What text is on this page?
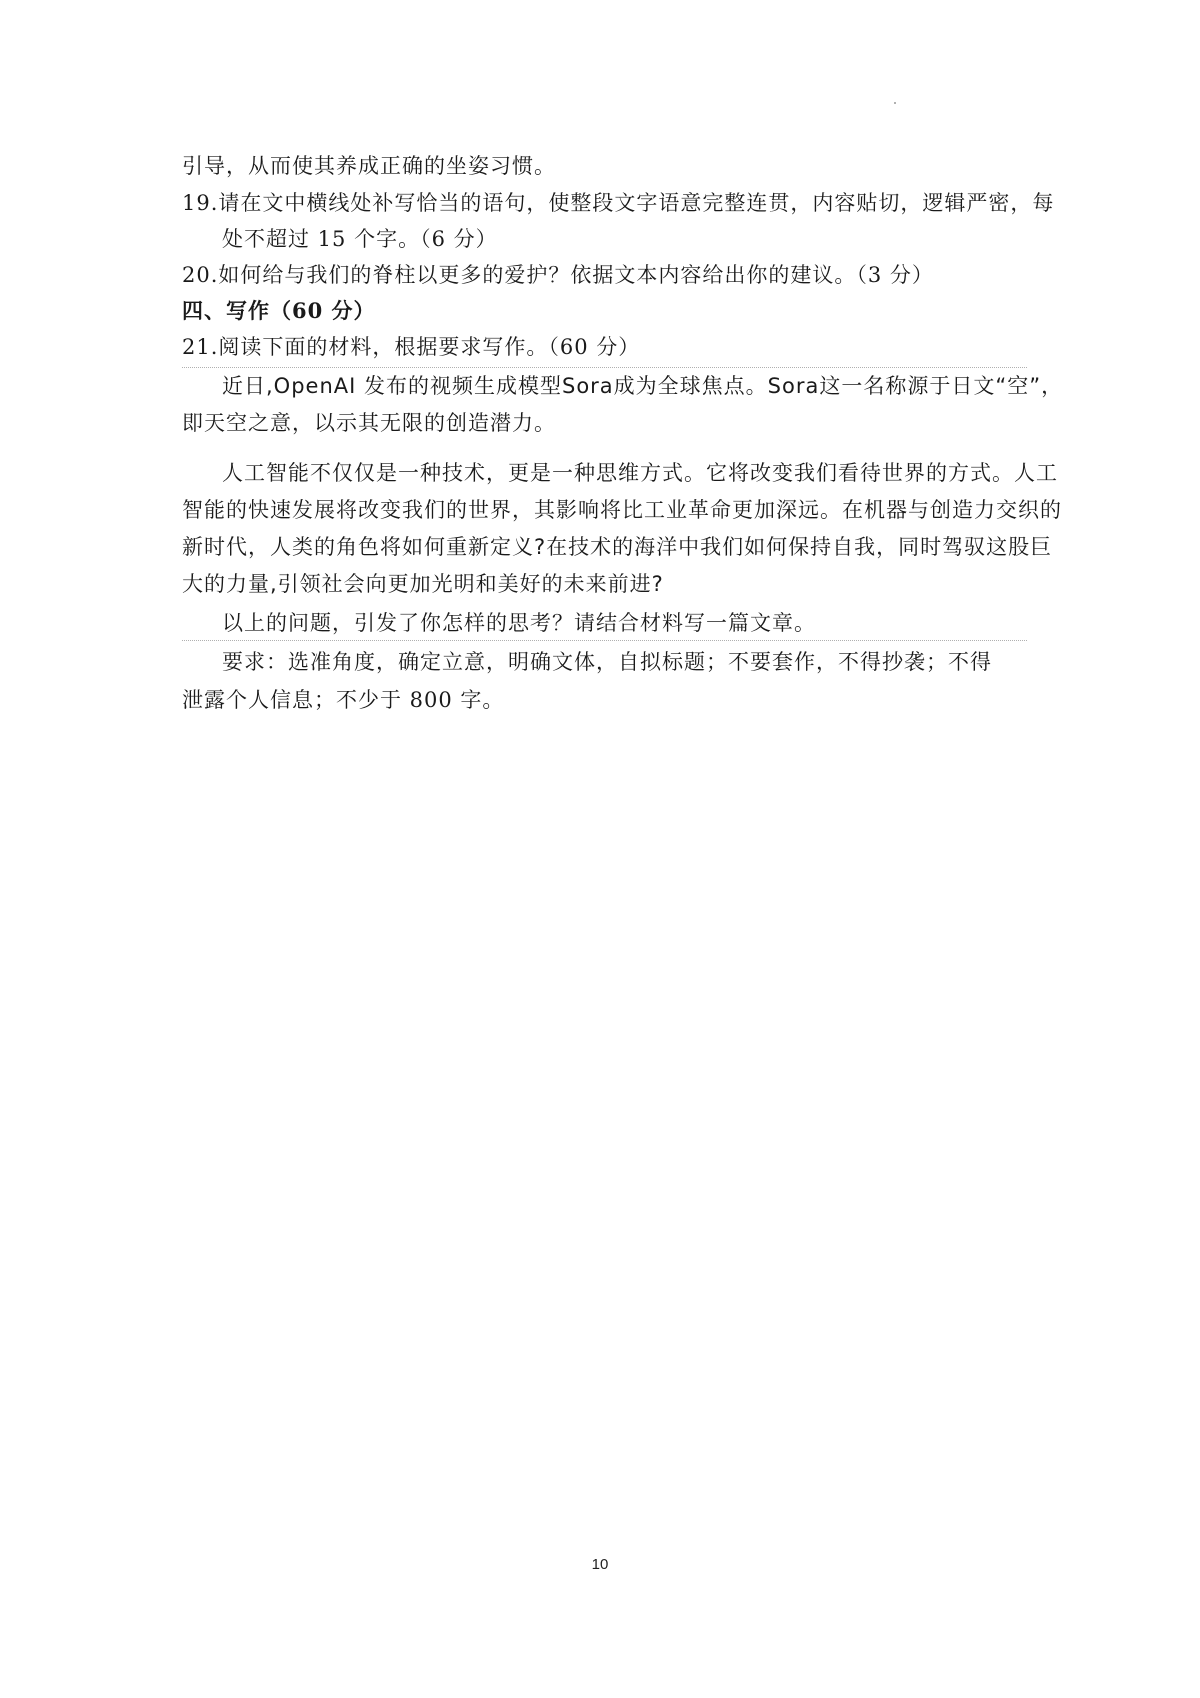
引导，从而使其养成正确的坐姿习惯。
19.请在文中横线处补写恰当的语句，使整段文字语意完整连贯，内容贴切，逻辑严密，每
处不超过 15 个字。（6 分）
20.如何给与我们的脊柱以更多的爱护？依据文本内容给出你的建议。（3 分）
四、写作（60 分）
21.阅读下面的材料，根据要求写作。（60 分）
近日,OpenAI 发布的视频生成模型Sora成为全球焦点。Sora这一名称源于日文“空”，
即天空之意，以示其无限的创造潜力。
人工智能不仅仅是一种技术，更是一种思维方式。它将改变我们看待世界的方式。人工
智能的快速发展将改变我们的世界，其影响将比工业革命更加深远。在机器与创造力交织的
新时代，人类的角色将如何重新定义?在技术的海洋中我们如何保持自我，同时驾驭这股巨
大的力量,引领社会向更加光明和美好的未来前进?
以上的问题，引发了你怎样的思考？请结合材料写一篇文章。
要求：选准角度，确定立意，明确文体，自拟标题；不要套作，不得抄袭；不得
泄露个人信息；不少于 800 字。
10
